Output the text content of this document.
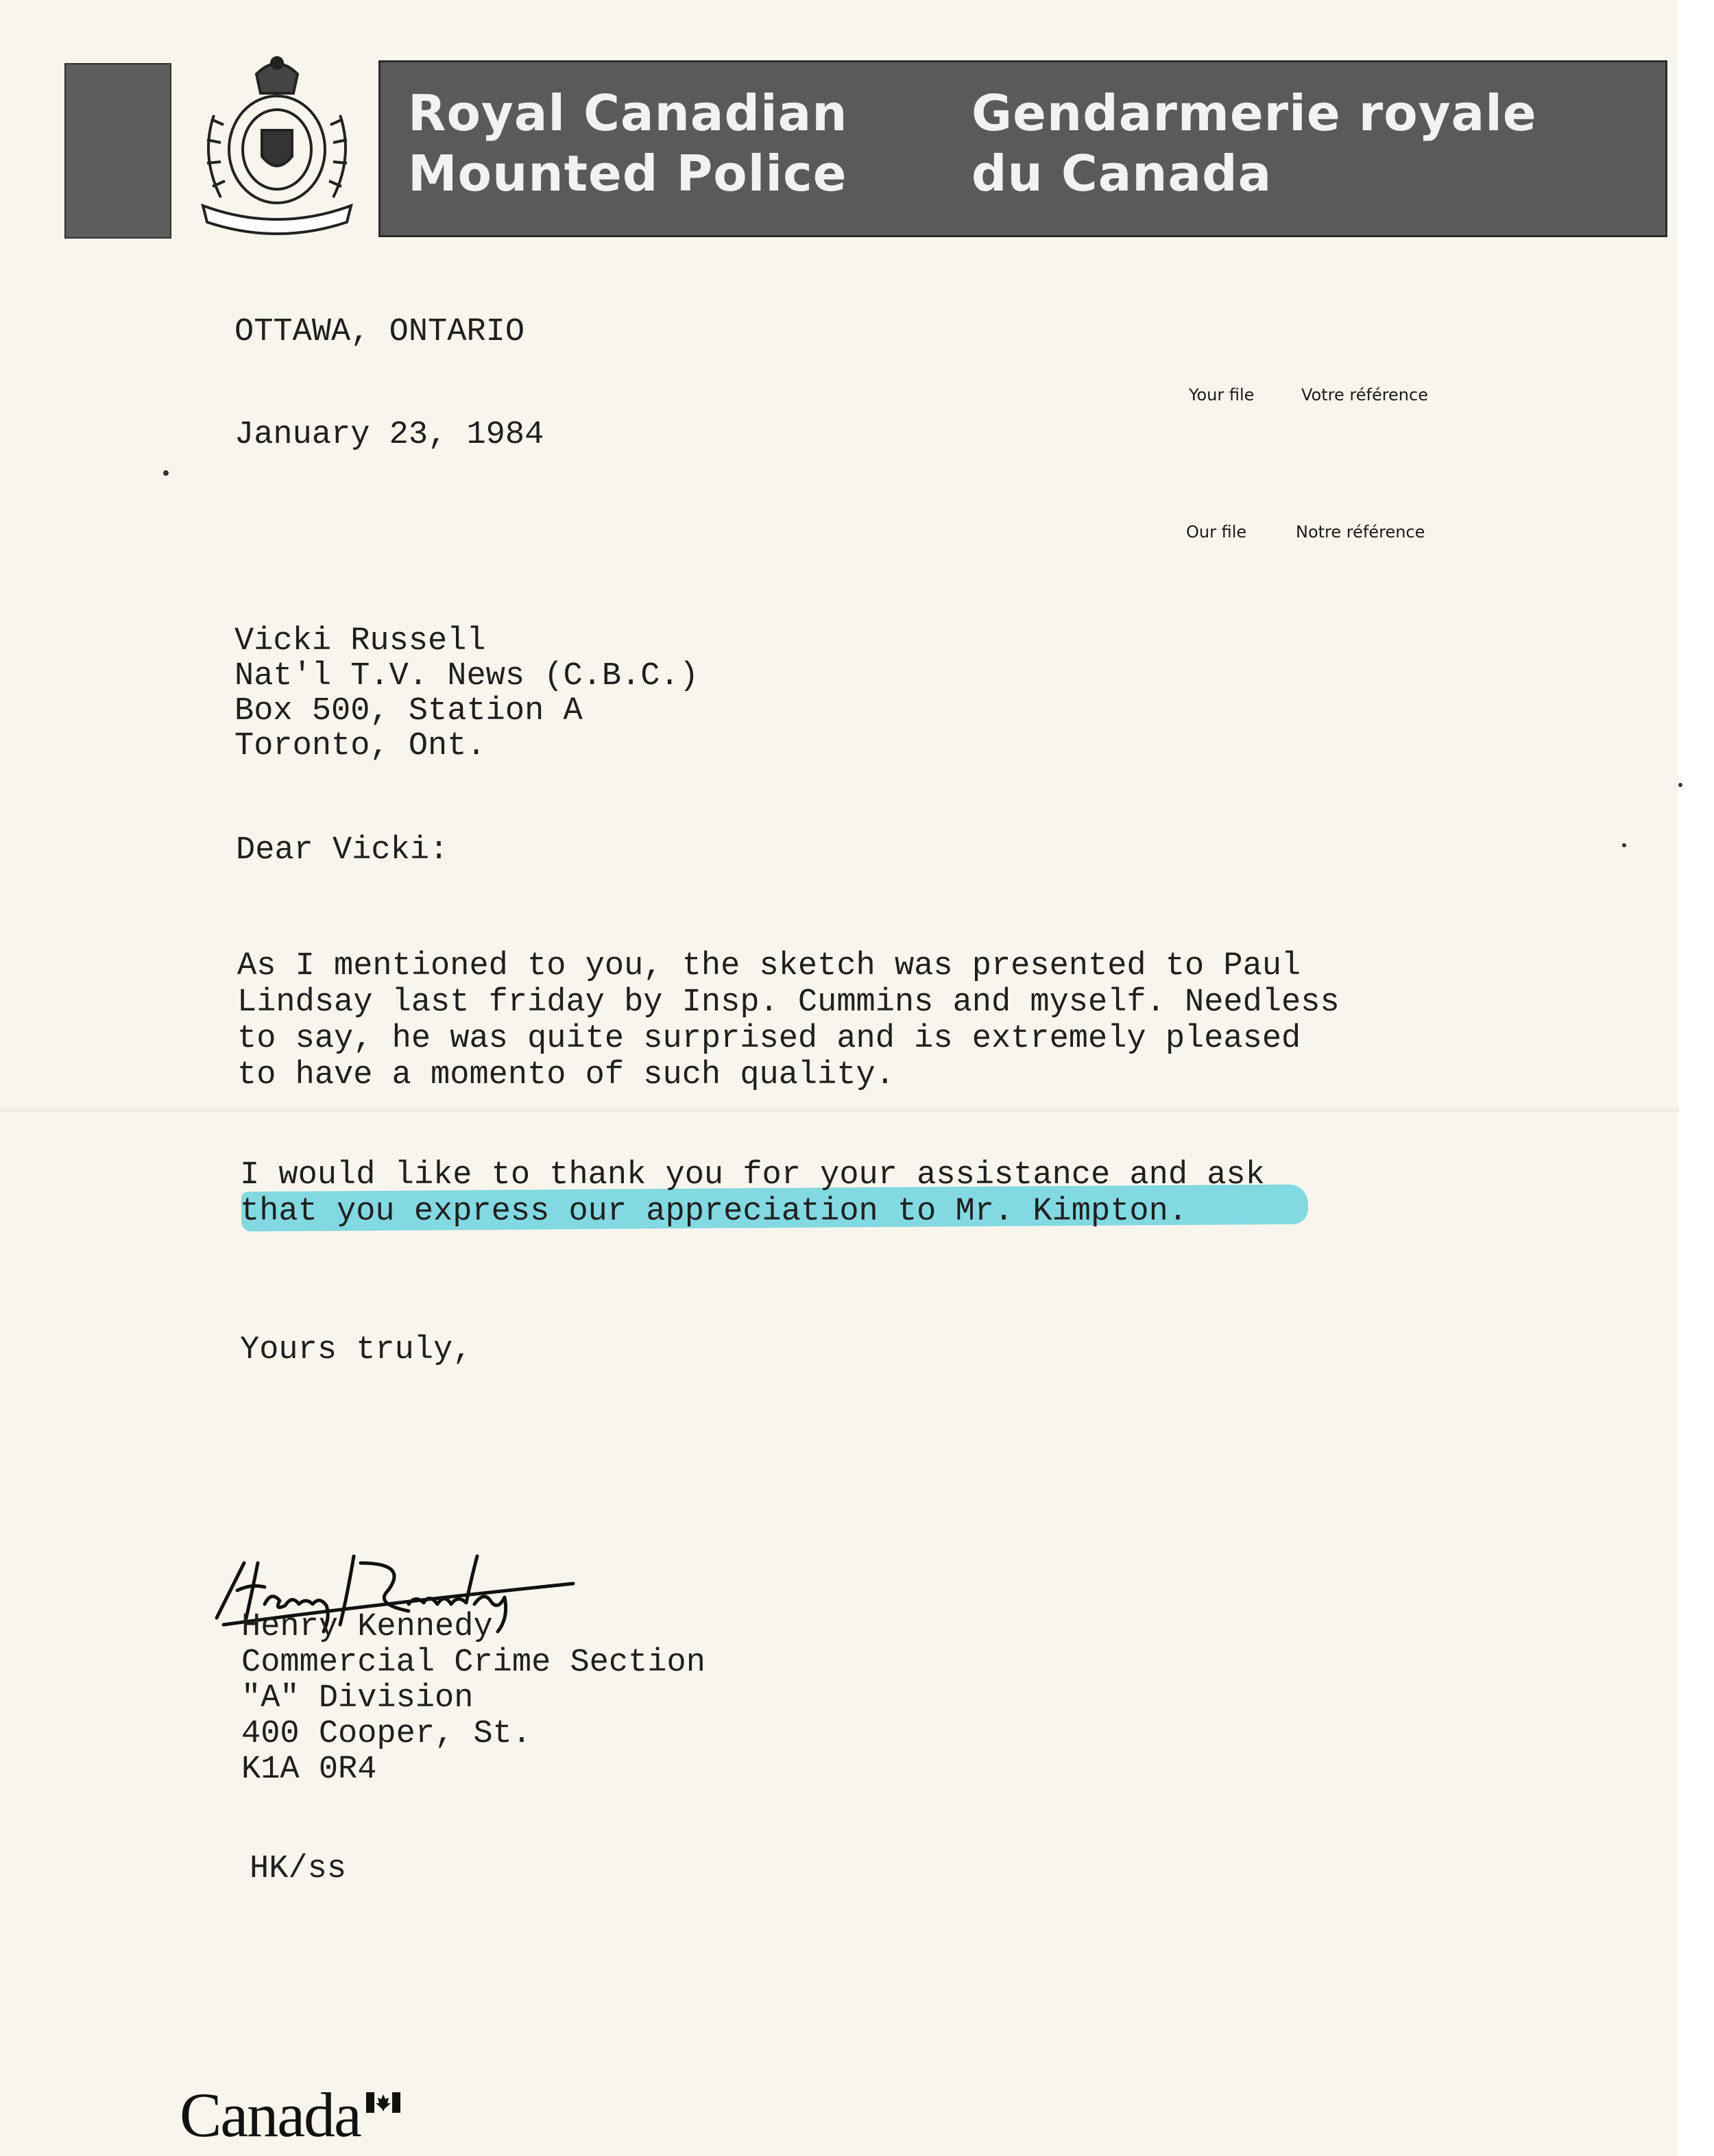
Royal Canadian
Mounted Police
Gendarmerie royale
du Canada
OTTAWA, ONTARIO
January 23, 1984
Your file	Votre référence
Our file	Notre référence
Vicki Russell
Nat'l T.V. News (C.B.C.)
Box 500, Station A
Toronto, Ont.
Dear Vicki:
As I mentioned to you, the sketch was presented to Paul
Lindsay last friday by Insp. Cummins and myself. Needless
to say, he was quite surprised and is extremely pleased
to have a momento of such quality.
I would like to thank you for your assistance and ask
that you express our appreciation to Mr. Kimpton.
Yours truly,
Henry Kennedy
Commercial Crime Section
"A" Division
400 Cooper, St.
K1A 0R4
HK/ss
Canada
